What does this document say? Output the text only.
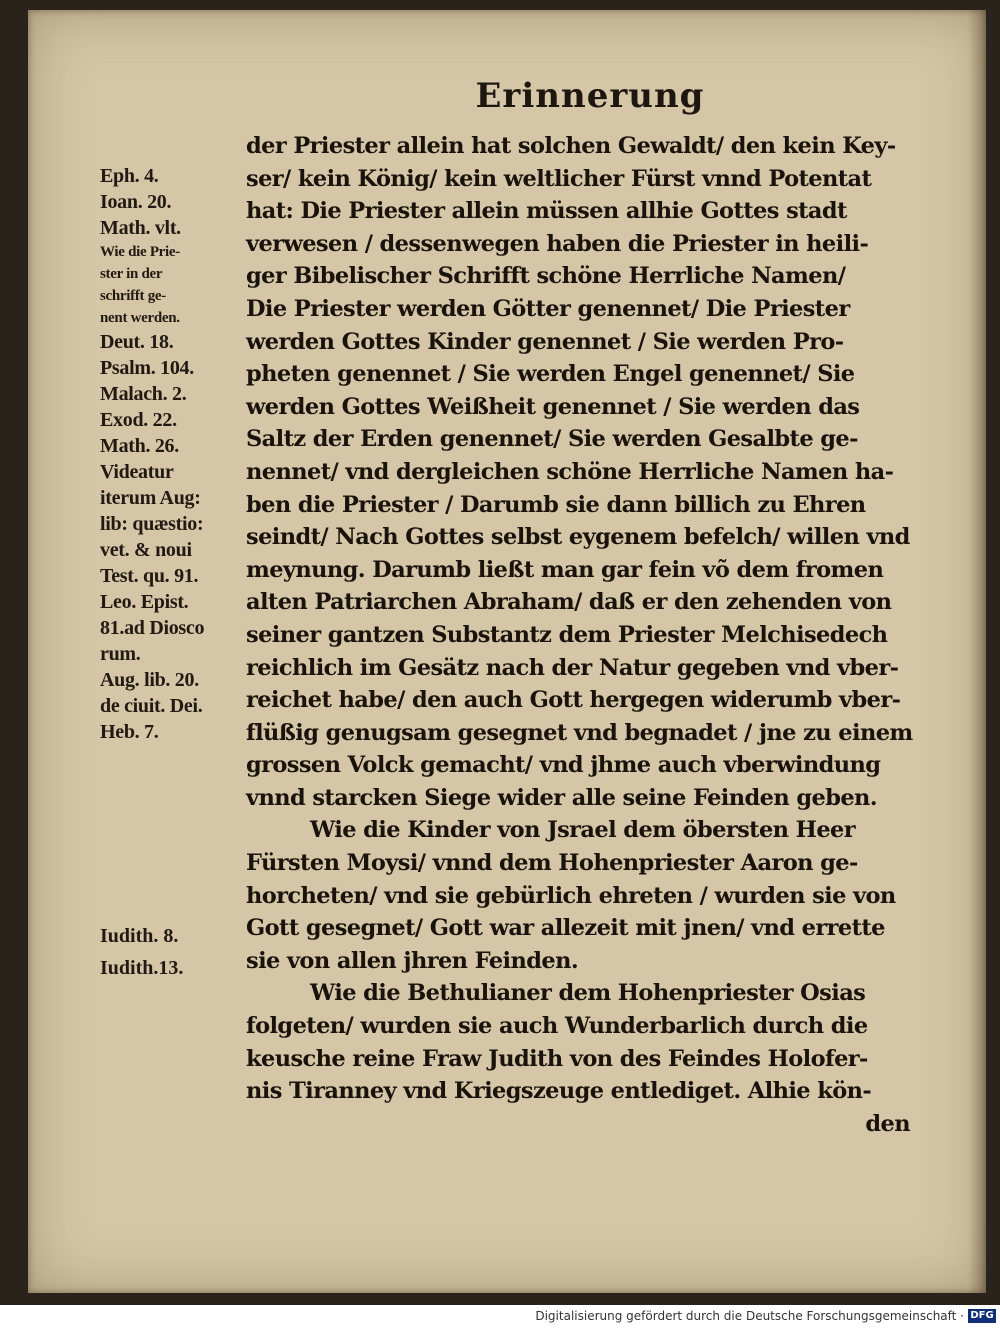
Erinnerung
Eph. 4.
Ioan. 20.
Math. vlt.
Wie die Prie-
ster in der
schrifft ge-
nent werden.
Deut. 18.
Psalm. 104.
Malach. 2.
Exod. 22.
Math. 26.
Videatur
iterum Aug:
lib: quæstio:
vet. & noui
Test. qu. 91.
Leo. Epist.
81.ad Diosco
rum.
Aug. lib. 20.
de ciuit. Dei.
Heb. 7.
Iudith. 8.
Iudith.13.
der Priester allein hat solchen Gewaldt/ den kein Key-
ser/ kein König/ kein weltlicher Fürst vnnd Potentat
hat: Die Priester allein müssen allhie Gottes stadt
verwesen / dessenwegen haben die Priester in heili-
ger Bibelischer Schrifft schöne Herrliche Namen/
Die Priester werden Götter genennet/ Die Priester
werden Gottes Kinder genennet / Sie werden Pro-
pheten genennet / Sie werden Engel genennet/ Sie
werden Gottes Weißheit genennet / Sie werden das
Saltz der Erden genennet/ Sie werden Gesalbte ge-
nennet/ vnd dergleichen schöne Herrliche Namen ha-
ben die Priester / Darumb sie dann billich zu Ehren
seindt/ Nach Gottes selbst eygenem befelch/ willen vnd
meynung. Darumb ließt man gar fein võ dem fromen
alten Patriarchen Abraham/ daß er den zehenden von
seiner gantzen Substantz dem Priester Melchisedech
reichlich im Gesätz nach der Natur gegeben vnd vber-
reichet habe/ den auch Gott hergegen widerumb vber-
flüßig genugsam gesegnet vnd begnadet / jne zu einem
grossen Volck gemacht/ vnd jhme auch vberwindung
vnnd starcken Siege wider alle seine Feinden geben.
Wie die Kinder von Jsrael dem öbersten Heer
Fürsten Moysi/ vnnd dem Hohenpriester Aaron ge-
horcheten/ vnd sie gebürlich ehreten / wurden sie von
Gott gesegnet/ Gott war allezeit mit jnen/ vnd errette
sie von allen jhren Feinden.
Wie die Bethulianer dem Hohenpriester Osias
folgeten/ wurden sie auch Wunderbarlich durch die
keusche reine Fraw Judith von des Feindes Holofer-
nis Tiranney vnd Kriegszeuge entlediget. Alhie kön-
den
Digitalisierung gefördert durch die Deutsche Forschungsgemeinschaft · DFG
